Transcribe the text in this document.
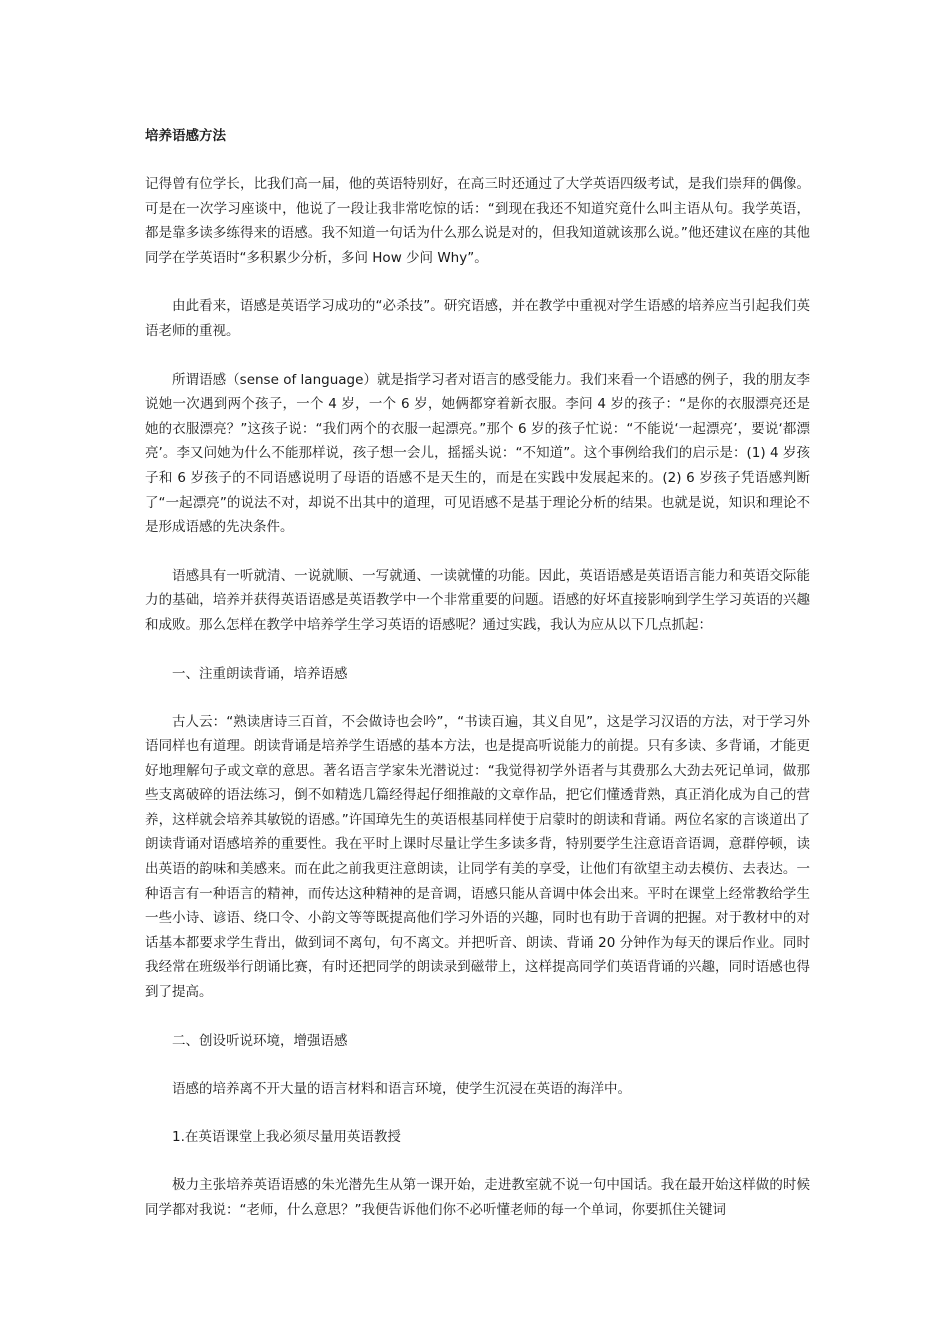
培养语感方法

记得曾有位学长，比我们高一届，他的英语特别好，在高三时还通过了大学英语四级考试，是我们崇拜的偶像。可是在一次学习座谈中，他说了一段让我非常吃惊的话：“到现在我还不知道究竟什么叫主语从句。我学英语，都是靠多读多练得来的语感。我不知道一句话为什么那么说是对的，但我知道就该那么说。”他还建议在座的其他同学在学英语时“多积累少分析，多问 How 少问 Why”。

由此看来，语感是英语学习成功的“必杀技”。研究语感，并在教学中重视对学生语感的培养应当引起我们英语老师的重视。

所谓语感（sense of language）就是指学习者对语言的感受能力。我们来看一个语感的例子，我的朋友李说她一次遇到两个孩子，一个 4 岁，一个 6 岁，她俩都穿着新衣服。李问 4 岁的孩子：“是你的衣服漂亮还是她的衣服漂亮？”这孩子说：“我们两个的衣服一起漂亮。”那个 6 岁的孩子忙说：“不能说‘一起漂亮’，要说‘都漂亮’。李又问她为什么不能那样说，孩子想一会儿，摇摇头说：“不知道”。这个事例给我们的启示是：(1) 4 岁孩子和 6 岁孩子的不同语感说明了母语的语感不是天生的，而是在实践中发展起来的。(2) 6 岁孩子凭语感判断了“一起漂亮”的说法不对，却说不出其中的道理，可见语感不是基于理论分析的结果。也就是说，知识和理论不是形成语感的先决条件。

语感具有一听就清、一说就顺、一写就通、一读就懂的功能。因此，英语语感是英语语言能力和英语交际能力的基础，培养并获得英语语感是英语教学中一个非常重要的问题。语感的好坏直接影响到学生学习英语的兴趣和成败。那么怎样在教学中培养学生学习英语的语感呢？通过实践，我认为应从以下几点抓起：

一、注重朗读背诵，培养语感

古人云：“熟读唐诗三百首，不会做诗也会吟”，“书读百遍，其义自见”，这是学习汉语的方法，对于学习外语同样也有道理。朗读背诵是培养学生语感的基本方法，也是提高听说能力的前提。只有多读、多背诵，才能更好地理解句子或文章的意思。著名语言学家朱光潜说过：“我觉得初学外语者与其费那么大劲去死记单词，做那些支离破碎的语法练习，倒不如精选几篇经得起仔细推敲的文章作品，把它们懂透背熟，真正消化成为自己的营养，这样就会培养其敏锐的语感。”许国璋先生的英语根基同样使于启蒙时的朗读和背诵。两位名家的言谈道出了朗读背诵对语感培养的重要性。我在平时上课时尽量让学生多读多背，特别要学生注意语音语调，意群停顿，读出英语的韵味和美感来。而在此之前我更注意朗读，让同学有美的享受，让他们有欲望主动去模仿、去表达。一种语言有一种语言的精神，而传达这种精神的是音调，语感只能从音调中体会出来。平时在课堂上经常教给学生一些小诗、谚语、绕口令、小韵文等等既提高他们学习外语的兴趣，同时也有助于音调的把握。对于教材中的对话基本都要求学生背出，做到词不离句，句不离文。并把听音、朗读、背诵 20 分钟作为每天的课后作业。同时我经常在班级举行朗诵比赛，有时还把同学的朗读录到磁带上，这样提高同学们英语背诵的兴趣，同时语感也得到了提高。

二、创设听说环境，增强语感

语感的培养离不开大量的语言材料和语言环境，使学生沉浸在英语的海洋中。

1.在英语课堂上我必须尽量用英语教授

极力主张培养英语语感的朱光潜先生从第一课开始，走进教室就不说一句中国话。我在最开始这样做的时候同学都对我说：“老师，什么意思？”我便告诉他们你不必听懂老师的每一个单词，你要抓住关键词
